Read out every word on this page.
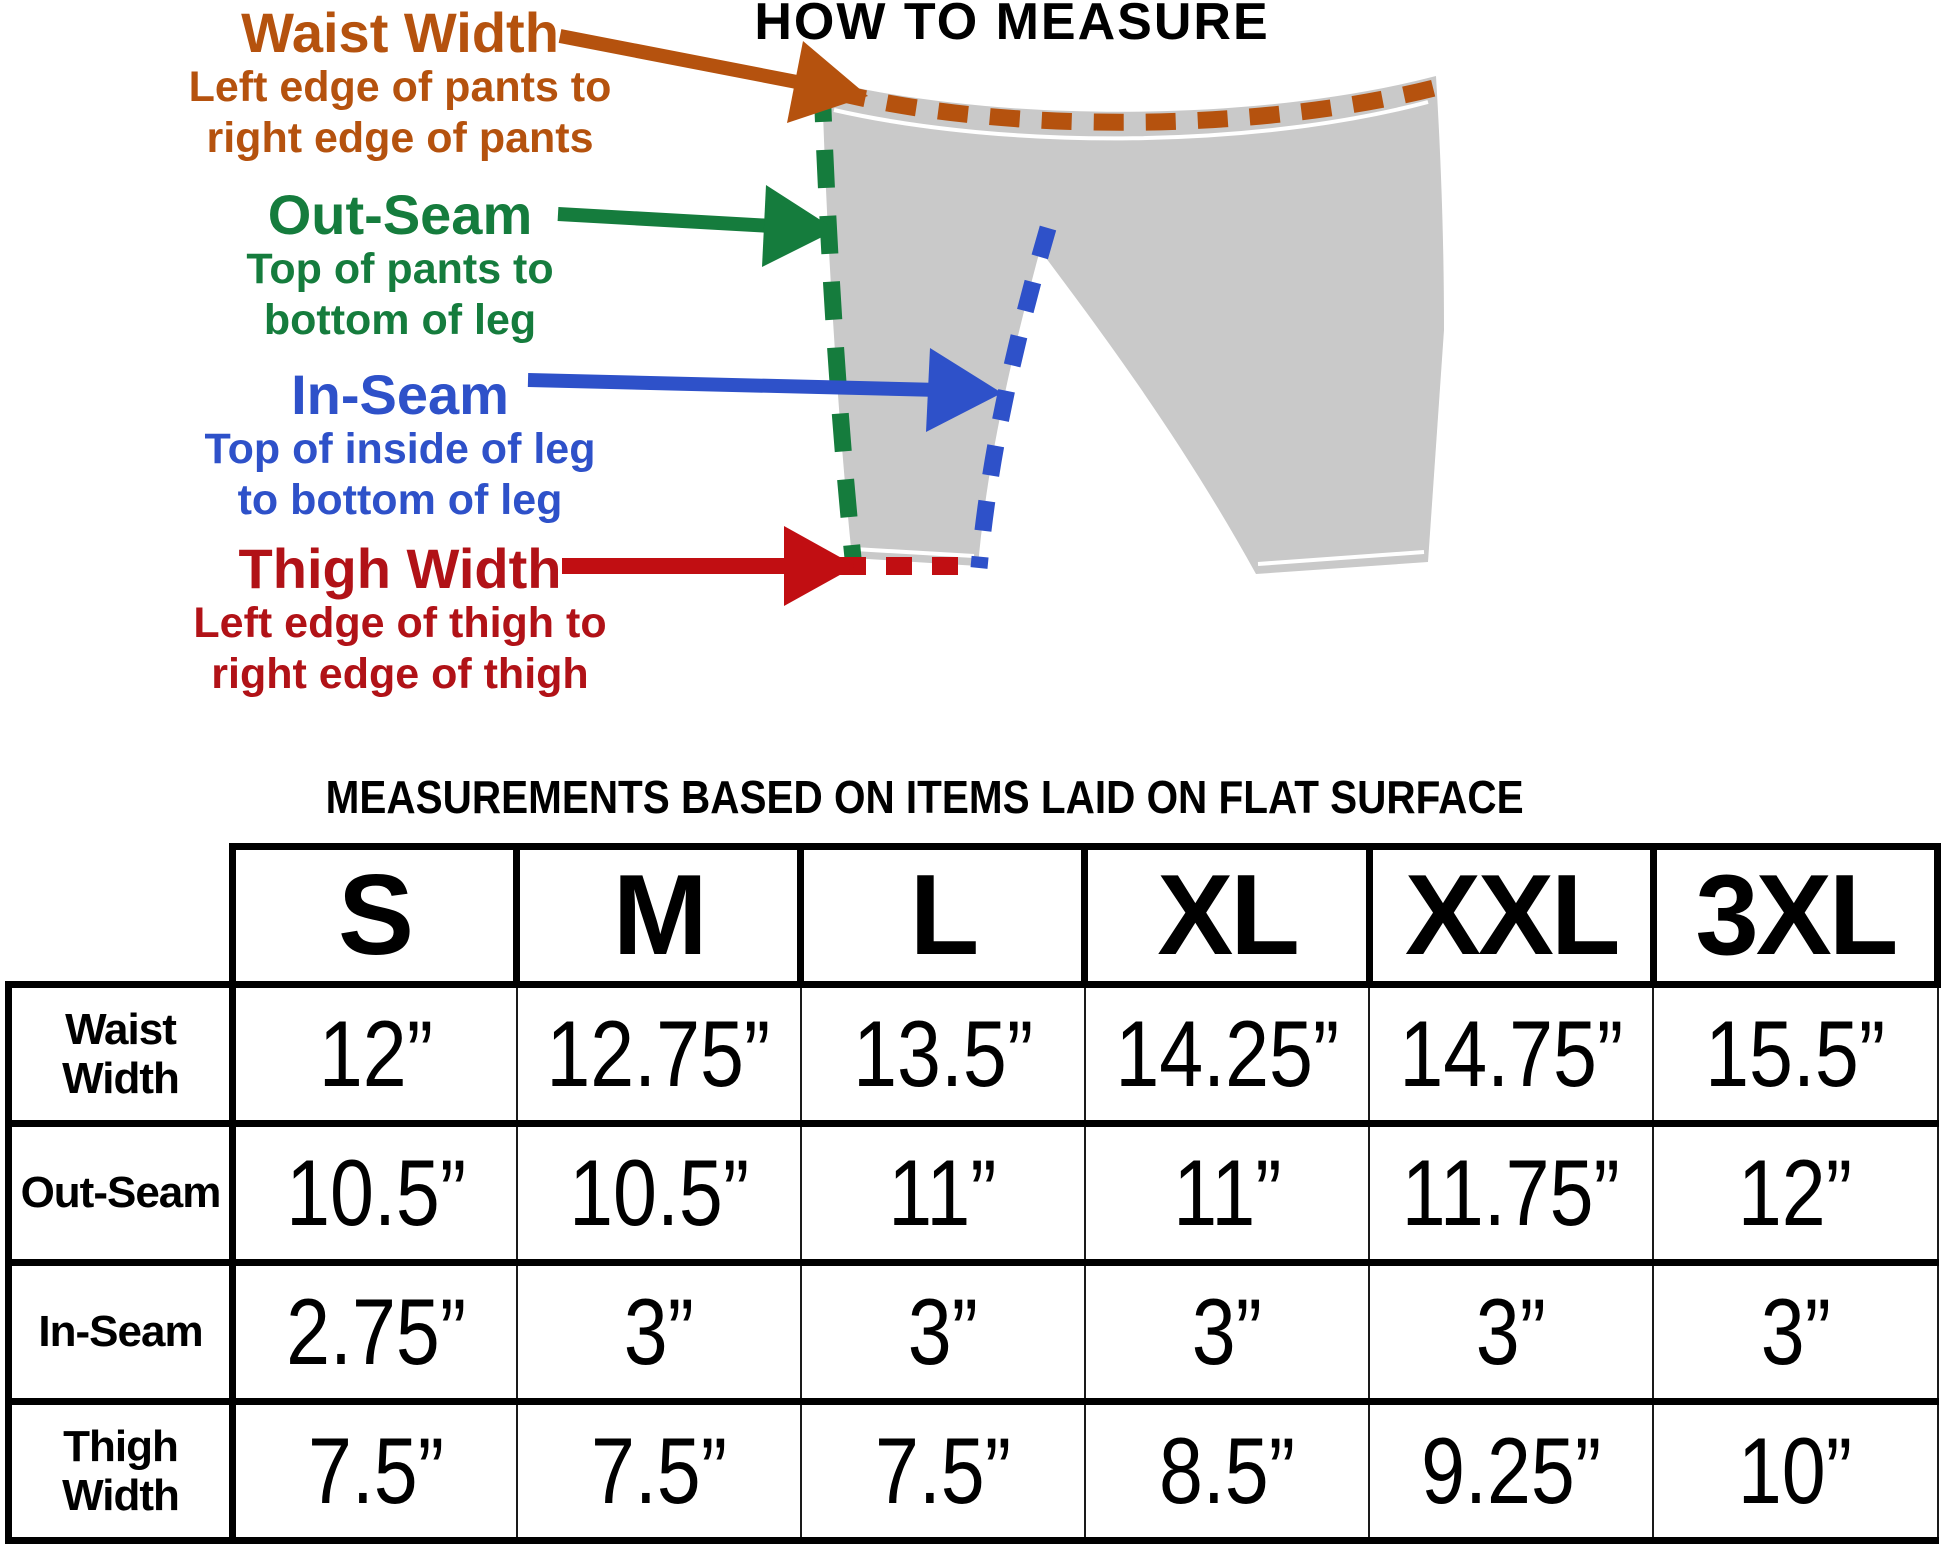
HOW TO MEASURE
Waist Width
Left edge of pants to
right edge of pants
Out-Seam
Top of pants to
bottom of leg
In-Seam
Top of inside of leg
to bottom of leg
Thigh Width
Left edge of thigh to
right edge of thigh
MEASUREMENTS BASED ON ITEMS LAID ON FLAT SURFACE
	S	M	L	XL	XXL	3XL

Waist
Width	12”	12.75”	13.5”	14.25”	14.75”	15.5”

Out-Seam	10.5”	10.5”	11”	11”	11.75”	12”

In-Seam	2.75”	3”	3”	3”	3”	3”

Thigh
Width	7.5”	7.5”	7.5”	8.5”	9.25”	10”
